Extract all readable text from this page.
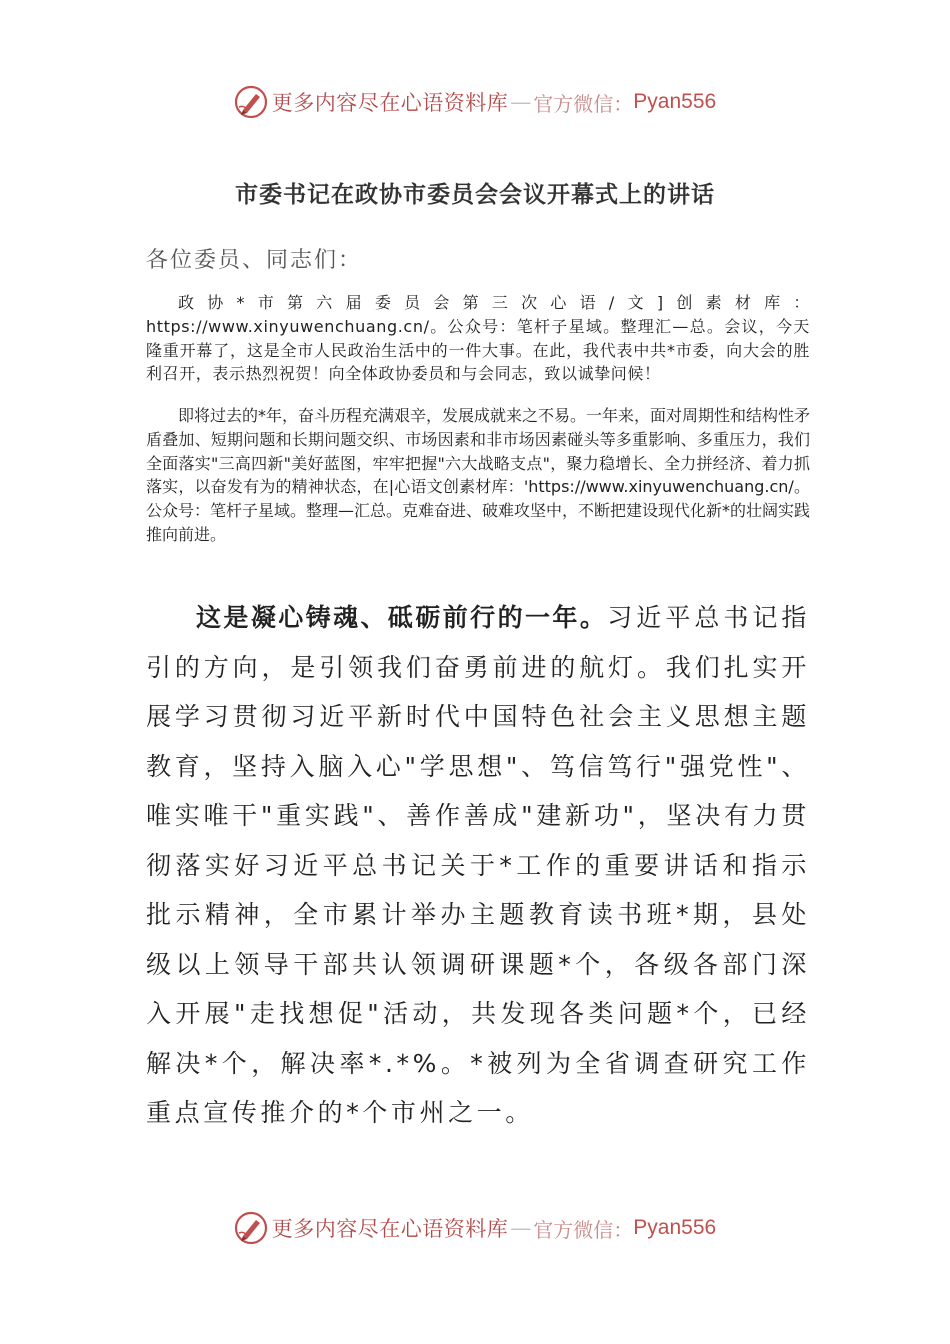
更多内容尽在心语资料库 — 官方微信： Pyan556
市委书记在政协市委员会会议开幕式上的讲话
各位委员、同志们：

政协*市第六届委员会第三次心语/文]创素材库：https://www.xinyuwenchuang.cn/。公众号：笔杆子星域。整理汇—总。会议，今天隆重开幕了，这是全市人民政治生活中的一件大事。在此，我代表中共*市委，向大会的胜利召开，表示热烈祝贺！向全体政协委员和与会同志，致以诚挚问候！

即将过去的*年，奋斗历程充满艰辛，发展成就来之不易。一年来，面对周期性和结构性矛盾叠加、短期问题和长期问题交织、市场因素和非市场因素碰头等多重影响、多重压力，我们全面落实"三高四新"美好蓝图，牢牢把握"六大战略支点"，聚力稳增长、全力拼经济、着力抓落实，以奋发有为的精神状态，在|心语文创素材库：'https://www.xinyuwenchuang.cn/。公众号：笔杆子星域。整理—汇总。克难奋进、破难攻坚中，不断把建设现代化新*的壮阔实践推向前进。

这是凝心铸魂、砥砺前行的一年。习近平总书记指引的方向，是引领我们奋勇前进的航灯。我们扎实开展学习贯彻习近平新时代中国特色社会主义思想主题教育，坚持入脑入心"学思想"、笃信笃行"强党性"、唯实唯干"重实践"、善作善成"建新功"，坚决有力贯彻落实好习近平总书记关于*工作的重要讲话和指示批示精神，全市累计举办主题教育读书班*期，县处级以上领导干部共认领调研课题*个，各级各部门深入开展"走找想促"活动，共发现各类问题*个，已经解决*个，解决率*.*%。*被列为全省调查研究工作重点宣传推介的*个市州之一。

更多内容尽在心语资料库 — 官方微信： Pyan556
